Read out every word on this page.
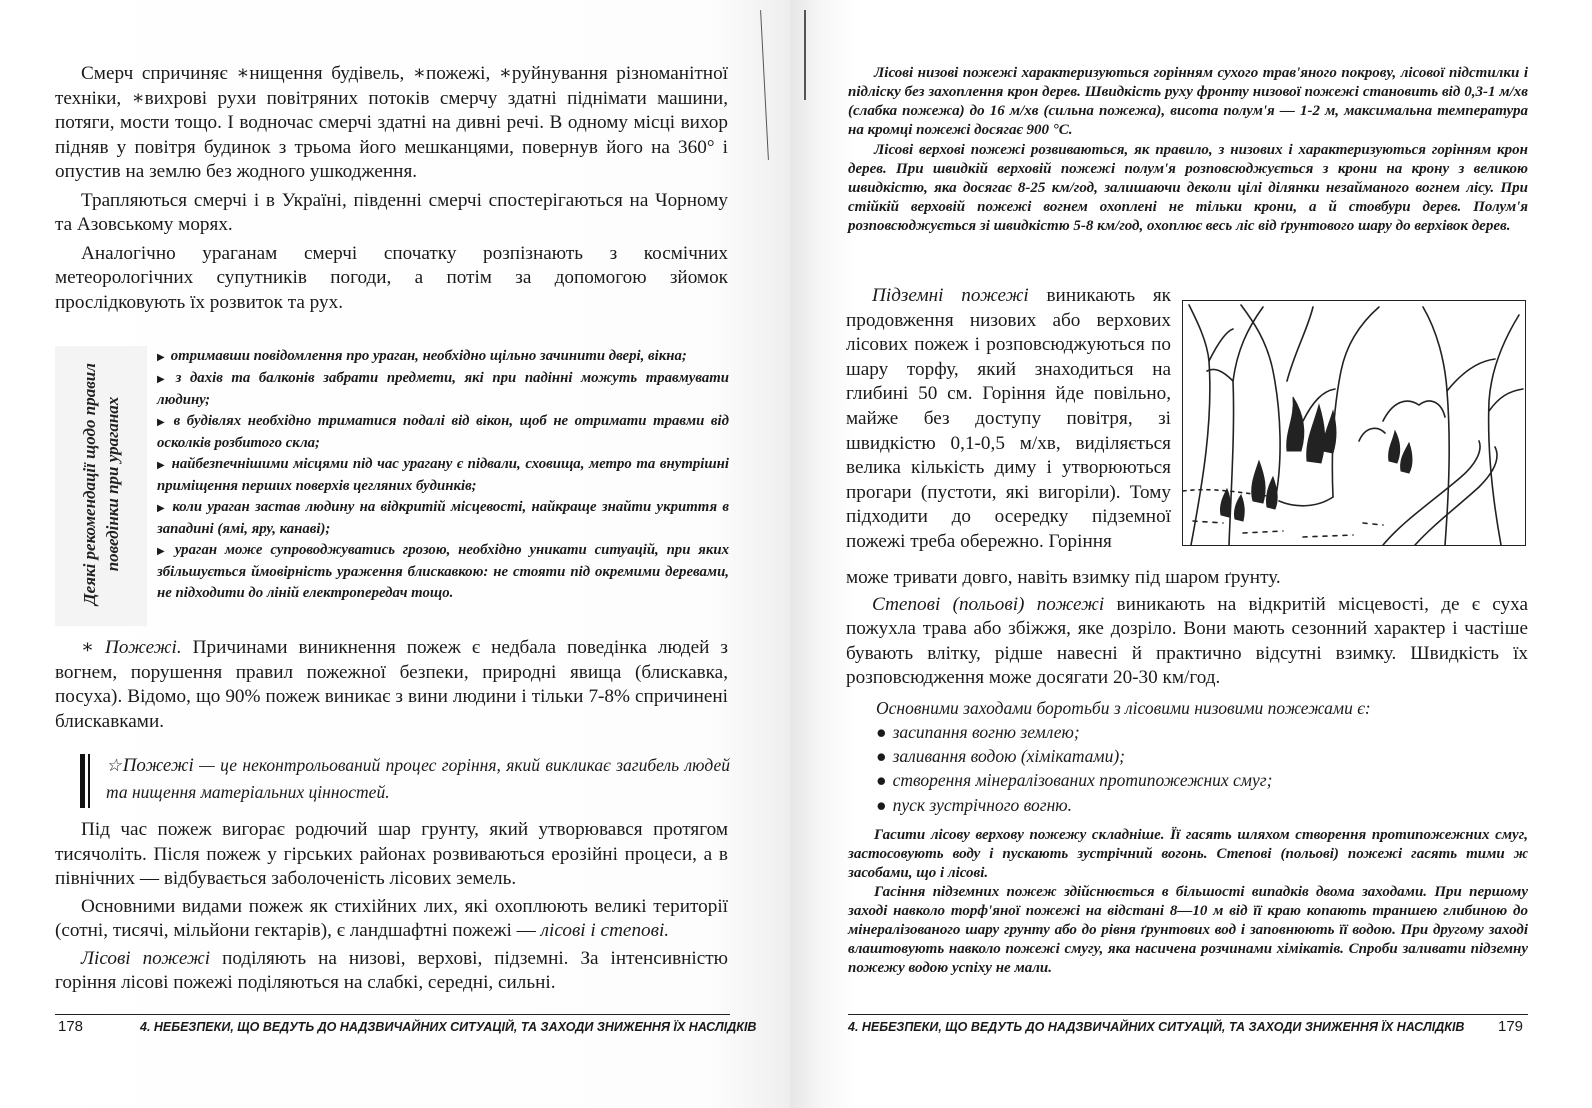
Смерч спричиняє ∗нищення будівель, ∗пожежі, ∗руйнування різноманітної техніки, ∗вихрові рухи повітряних потоків смерчу здатні піднімати машини, потяги, мости тощо. І водночас смерчі здатні на дивні речі. В одному місці вихор підняв у повітря будинок з трьома його мешканцями, повернув його на 360° і опустив на землю без жодного ушкодження.

Трапляються смерчі і в Україні, південні смерчі спостерігаються на Чорному та Азовському морях.

Аналогічно ураганам смерчі спочатку розпізнають з космічних метеорологічних супутників погоди, а потім за допомогою зйомок прослідковують їх розвиток та рух.

Деякі рекомендації щодо правил поведінки при ураганах
▶ отримавши повідомлення про ураган, необхідно щільно зачинити двері, вікна;
▶ з дахів та балконів забрати предмети, які при падінні можуть травмувати людину;
▶ в будівлях необхідно триматися подалі від вікон, щоб не отримати травми від осколків розбитого скла;
▶ найбезпечнішими місцями під час урагану є підвали, сховища, метро та внутрішні приміщення перших поверхів цегляних будинків;
▶ коли ураган застав людину на відкритій місцевості, найкраще знайти укриття в западині (ямі, яру, канаві);
▶ ураган може супроводжуватись грозою, необхідно уникати ситуацій, при яких збільшується ймовірність ураження блискавкою: не стояти під окремими деревами, не підходити до ліній електропередач тощо.

∗ Пожежі. Причинами виникнення пожеж є недбала поведінка людей з вогнем, порушення правил пожежної безпеки, природні явища (блискавка, посуха). Відомо, що 90% пожеж виникає з вини людини і тільки 7-8% спричинені блискавками.

☆Пожежі — це неконтрольований процес горіння, який викликає загибель людей та нищення матеріальних цінностей.

Під час пожеж вигорає родючий шар грунту, який утворювався протягом тисячоліть. Після пожеж у гірських районах розвиваються ерозійні процеси, а в північних — відбувається заболоченість лісових земель.

Основними видами пожеж як стихійних лих, які охоплюють великі території (сотні, тисячі, мільйони гектарів), є ландшафтні пожежі — лісові і степові.

Лісові пожежі поділяють на низові, верхові, підземні. За інтенсивністю горіння лісові пожежі поділяються на слабкі, середні, сильні.

178	4. НЕБЕЗПЕКИ, ЩО ВЕДУТЬ ДО НАДЗВИЧАЙНИХ СИТУАЦІЙ, ТА ЗАХОДИ ЗНИЖЕННЯ ЇХ НАСЛІДКІВ

Лісові низові пожежі характеризуються горінням сухого трав'яного покрову, лісової підстилки і підліску без захоплення крон дерев. Швидкість руху фронту низової пожежі становить від 0,3-1 м/хв (слабка пожежа) до 16 м/хв (сильна пожежа), висота полум'я — 1-2 м, максимальна температура на кромці пожежі досягає 900 °С.

Лісові верхові пожежі розвиваються, як правило, з низових і характеризуються горінням крон дерев. При швидкій верховій пожежі полум'я розповсюджується з крони на крону з великою швидкістю, яка досягає 8-25 км/год, залишаючи деколи цілі ділянки незайманого вогнем лісу. При стійкій верховій пожежі вогнем охоплені не тільки крони, а й стовбури дерев. Полум'я розповсюджується зі швидкістю 5-8 км/год, охоплює весь ліс від ґрунтового шару до верхівок дерев.

Підземні пожежі виникають як продовження низових або верхових лісових пожеж і розповсюджуються по шару торфу, який знаходиться на глибині 50 см. Горіння йде повільно, майже без доступу повітря, зі швидкістю 0,1-0,5 м/хв, виділяється велика кількість диму і утворюються прогари (пустоти, які вигоріли). Тому підходити до осередку підземної пожежі треба обережно. Горіння

може тривати довго, навіть взимку під шаром ґрунту.

Степові (польові) пожежі виникають на відкритій місцевості, де є суха пожухла трава або збіжжя, яке дозріло. Вони мають сезонний характер і частіше бувають влітку, рідше навесні й практично відсутні взимку. Швидкість їх розповсюдження може досягати 20-30 км/год.

Основними заходами боротьби з лісовими низовими пожежами є:

● засипання вогню землею;
● заливання водою (хімікатами);
● створення мінералізованих протипожежних смуг;
● пуск зустрічного вогню.

Гасити лісову верхову пожежу складніше. Її гасять шляхом створення протипожежних смуг, застосовують воду і пускають зустрічний вогонь. Степові (польові) пожежі гасять тими ж засобами, що і лісові.

Гасіння підземних пожеж здійснюється в більшості випадків двома заходами. При першому заході навколо торф'яної пожежі на відстані 8—10 м від її краю копають траншею глибиною до мінералізованого шару грунту або до рівня ґрунтових вод і заповнюють її водою. При другому заході влаштовують навколо пожежі смугу, яка насичена розчинами хімікатів. Спроби заливати підземну пожежу водою успіху не мали.

4. НЕБЕЗПЕКИ, ЩО ВЕДУТЬ ДО НАДЗВИЧАЙНИХ СИТУАЦІЙ, ТА ЗАХОДИ ЗНИЖЕННЯ ЇХ НАСЛІДКІВ 179
